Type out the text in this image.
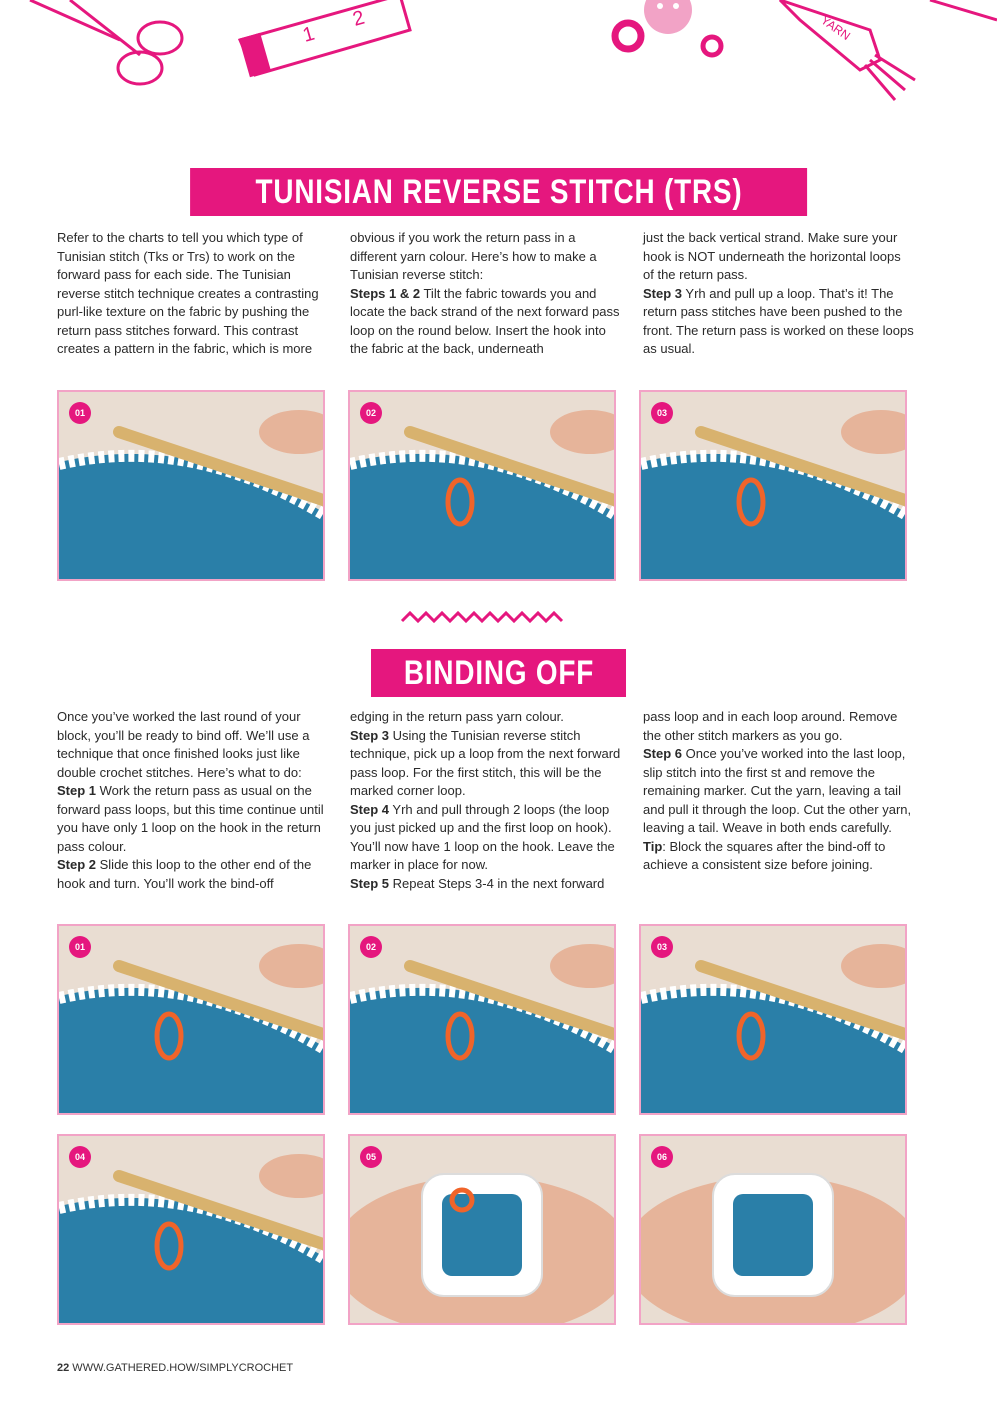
1
2	YARN
TUNISIAN REVERSE STITCH (TRS)

Refer to the charts to tell you which type of Tunisian stitch (Tks or Trs) to work on the forward pass for each side. The Tunisian reverse stitch technique creates a contrasting purl-like texture on the fabric by pushing the return pass stitches forward. This contrast creates a pattern in the fabric, which is more

obvious if you work the return pass in a different yarn colour. Here’s how to make a Tunisian reverse stitch:

Steps 1 & 2 Tilt the fabric towards you and locate the back strand of the next forward pass loop on the round below. Insert the hook into the fabric at the back, underneath

just the back vertical strand. Make sure your hook is NOT underneath the horizontal loops of the return pass.

Step 3 Yrh and pull up a loop. That’s it! The return pass stitches have been pushed to the front. The return pass is worked on these loops as usual.

01	02	03
BINDING OFF

Once you’ve worked the last round of your block, you’ll be ready to bind off. We’ll use a technique that once finished looks just like double crochet stitches. Here’s what to do:

Step 1 Work the return pass as usual on the forward pass loops, but this time continue until you have only 1 loop on the hook in the return pass colour.

Step 2 Slide this loop to the other end of the hook and turn. You’ll work the bind-off

edging in the return pass yarn colour.

Step 3 Using the Tunisian reverse stitch technique, pick up a loop from the next forward pass loop. For the first stitch, this will be the marked corner loop.

Step 4 Yrh and pull through 2 loops (the loop you just picked up and the first loop on hook). You’ll now have 1 loop on the hook. Leave the marker in place for now.

Step 5 Repeat Steps 3-4 in the next forward

pass loop and in each loop around. Remove the other stitch markers as you go.

Step 6 Once you’ve worked into the last loop, slip stitch into the first st and remove the remaining marker. Cut the yarn, leaving a tail and pull it through the loop. Cut the other yarn, leaving a tail. Weave in both ends carefully.

Tip: Block the squares after the bind-off to achieve a consistent size before joining.

01	02	03
04	05	06
22 WWW.GATHERED.HOW/SIMPLYCROCHET
